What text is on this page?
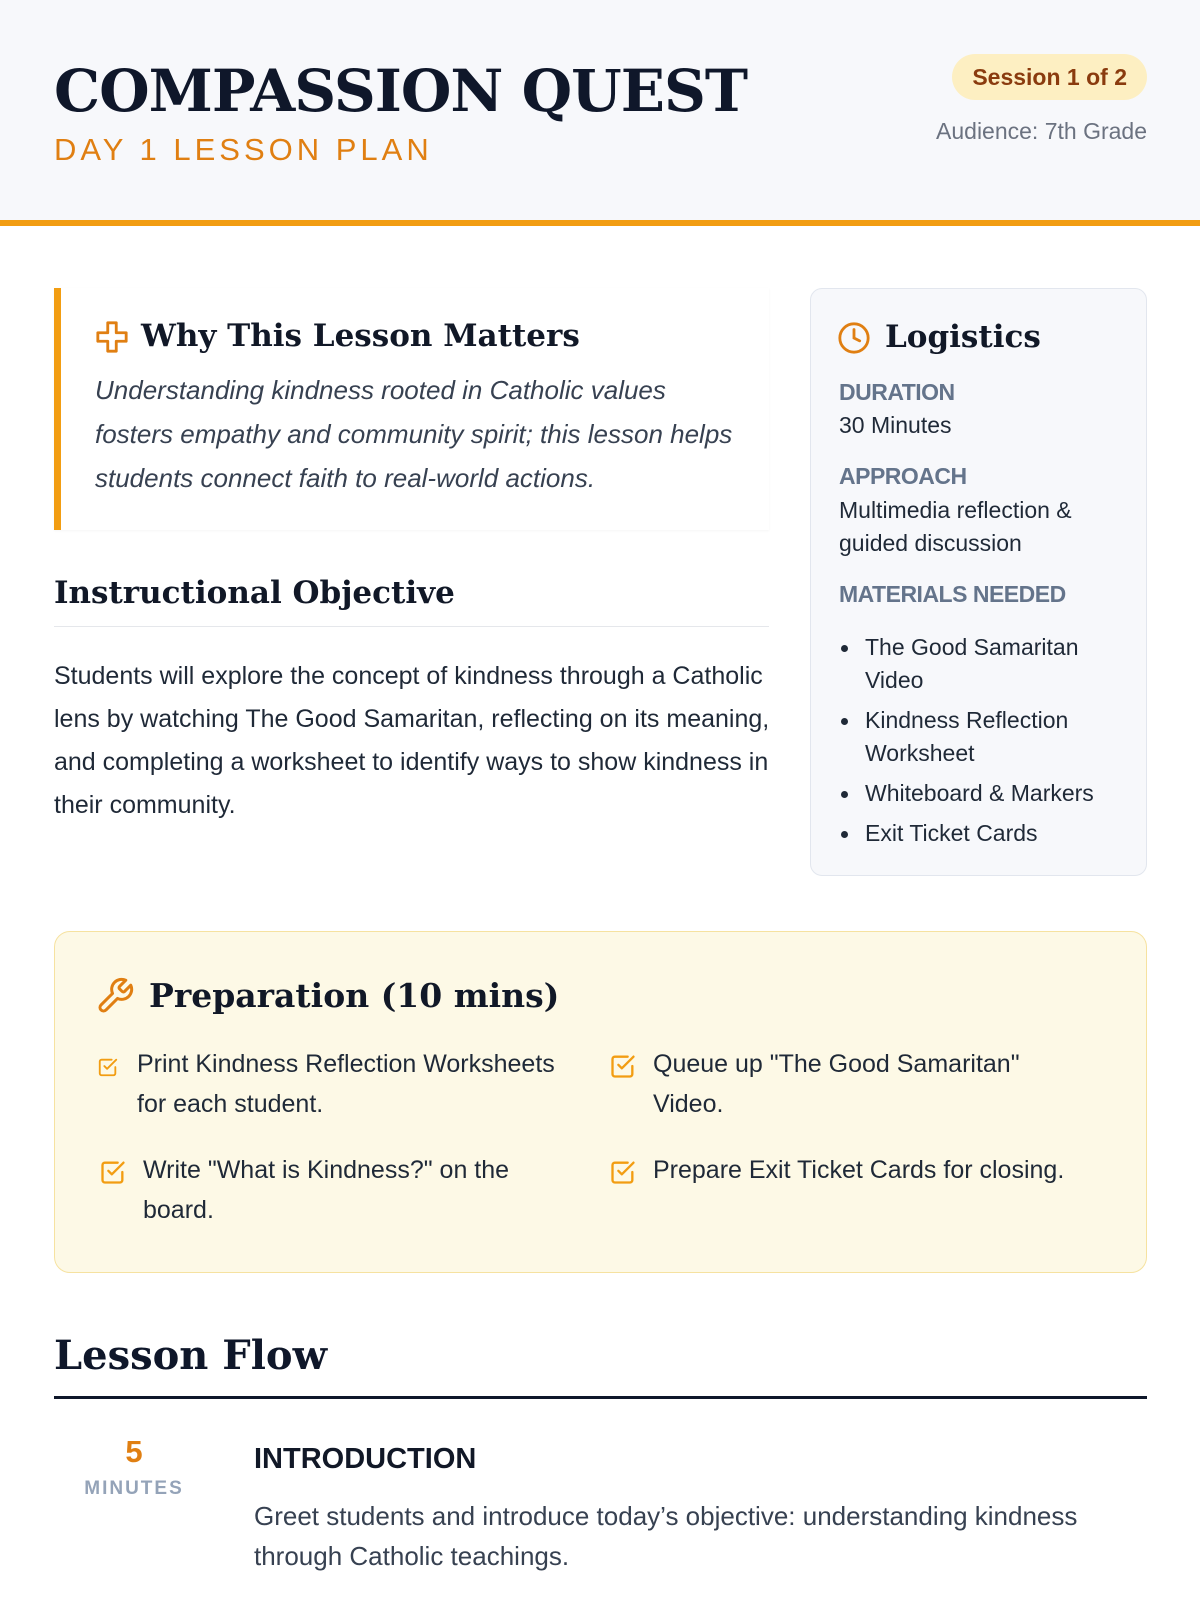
COMPASSION QUEST
DAY 1 LESSON PLAN
Session 1 of 2
Audience: 7th Grade
Why This Lesson Matters
Understanding kindness rooted in Catholic values fosters empathy and community spirit; this lesson helps students connect faith to real-world actions.
Instructional Objective
Students will explore the concept of kindness through a Catholic lens by watching The Good Samaritan, reflecting on its meaning, and completing a worksheet to identify ways to show kindness in their community.
Logistics
DURATION
30 Minutes
APPROACH
Multimedia reflection & guided discussion
MATERIALS NEEDED
The Good Samaritan Video
Kindness Reflection Worksheet
Whiteboard & Markers
Exit Ticket Cards
Preparation (10 mins)
Print Kindness Reflection Worksheets for each student.
Queue up "The Good Samaritan" Video.
Write "What is Kindness?" on the board.
Prepare Exit Ticket Cards for closing.
Lesson Flow
5
MINUTES
INTRODUCTION
Greet students and introduce today’s objective: understanding kindness through Catholic teachings.
